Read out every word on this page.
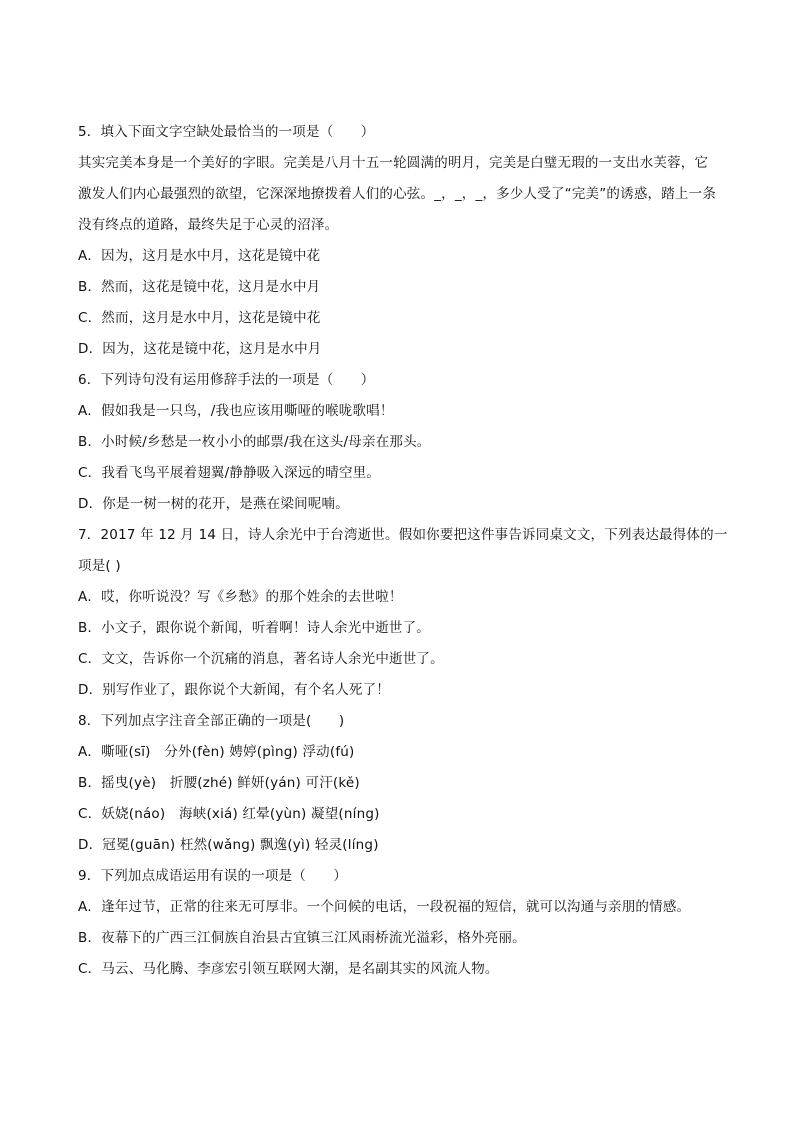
5．填入下面文字空缺处最恰当的一项是（　　）
其实完美本身是一个美好的字眼。完美是八月十五一轮圆满的明月，完美是白璧无瑕的一支出水芙蓉，它
激发人们内心最强烈的欲望，它深深地撩拨着人们的心弦。_，_，_，多少人受了“完美”的诱惑，踏上一条
没有终点的道路，最终失足于心灵的沼泽。
A．因为，这月是水中月，这花是镜中花
B．然而，这花是镜中花，这月是水中月
C．然而，这月是水中月，这花是镜中花
D．因为，这花是镜中花，这月是水中月
6．下列诗句没有运用修辞手法的一项是（　　）
A．假如我是一只鸟，/我也应该用嘶哑的喉咙歌唱！
B．小时候/乡愁是一枚小小的邮票/我在这头/母亲在那头。
C．我看飞鸟平展着翅翼/静静吸入深远的晴空里。
D．你是一树一树的花开，是燕在梁间呢喃。
7．2017 年 12 月 14 日，诗人余光中于台湾逝世。假如你要把这件事告诉同桌文文，下列表达最得体的一
项是( )
A．哎，你听说没？写《乡愁》的那个姓余的去世啦！
B．小文子，跟你说个新闻，听着啊！诗人余光中逝世了。
C．文文，告诉你一个沉痛的消息，著名诗人余光中逝世了。
D．别写作业了，跟你说个大新闻，有个名人死了！
8．下列加点字注音全部正确的一项是(　　)
A．嘶哑(sī)　分外(fèn) 娉婷(pìng) 浮动(fú)
B．摇曳(yè)　折腰(zhé) 鲜妍(yán) 可汗(kě)
C．妖娆(náo)　海峡(xiá) 红晕(yùn) 凝望(níng)
D．冠冕(guān) 枉然(wǎng) 飘逸(yì) 轻灵(líng)
9．下列加点成语运用有误的一项是（　　）
A．逢年过节，正常的往来无可厚非。一个问候的电话，一段祝福的短信，就可以沟通与亲朋的情感。
B．夜幕下的广西三江侗族自治县古宜镇三江风雨桥流光溢彩，格外亮丽。
C．马云、马化腾、李彦宏引领互联网大潮，是名副其实的风流人物。
